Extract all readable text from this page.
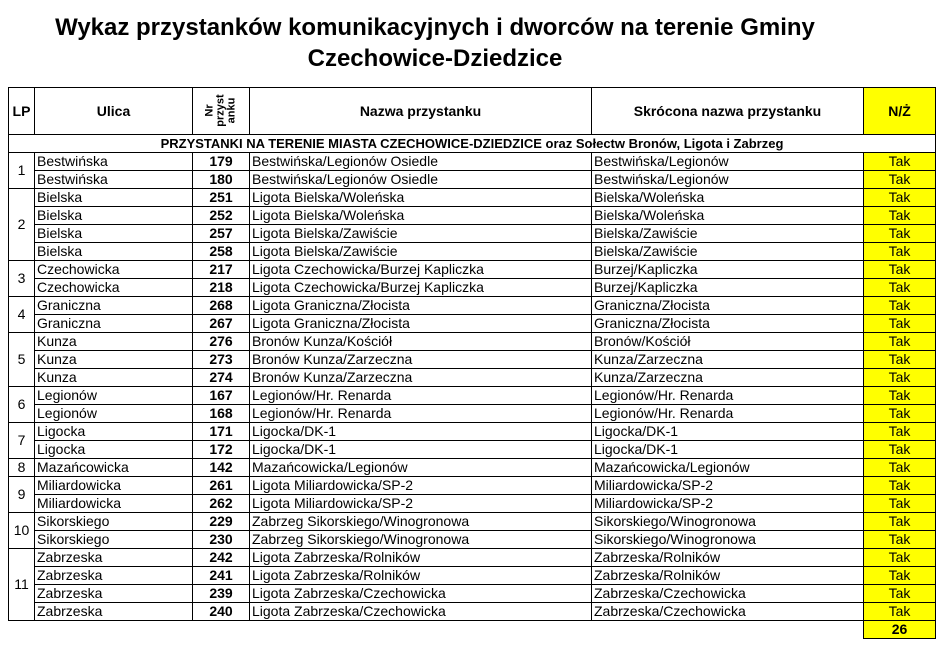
Wykaz przystanków komunikacyjnych i dworców na terenie Gminy
Czechowice-Dziedzice
LP	Ulica	Nr przyst anku	Nazwa przystanku	Skrócona nazwa przystanku	N/Ż
PRZYSTANKI NA TERENIE MIASTA CZECHOWICE-DZIEDZICE oraz Sołectw Bronów, Ligota i Zabrzeg					
1	Bestwińska	179	Bestwińska/Legionów Osiedle	Bestwińska/Legionów	Tak
	Bestwińska	180	Bestwińska/Legionów Osiedle	Bestwińska/Legionów	Tak
2	Bielska	251	Ligota Bielska/Woleńska	Bielska/Woleńska	Tak
	Bielska	252	Ligota Bielska/Woleńska	Bielska/Woleńska	Tak
	Bielska	257	Ligota Bielska/Zawiście	Bielska/Zawiście	Tak
	Bielska	258	Ligota Bielska/Zawiście	Bielska/Zawiście	Tak
3	Czechowicka	217	Ligota Czechowicka/Burzej Kapliczka	Burzej/Kapliczka	Tak
	Czechowicka	218	Ligota Czechowicka/Burzej Kapliczka	Burzej/Kapliczka	Tak
4	Graniczna	268	Ligota Graniczna/Złocista	Graniczna/Złocista	Tak
	Graniczna	267	Ligota Graniczna/Złocista	Graniczna/Złocista	Tak
5	Kunza	276	Bronów Kunza/Kościół	Bronów/Kościół	Tak
	Kunza	273	Bronów Kunza/Zarzeczna	Kunza/Zarzeczna	Tak
	Kunza	274	Bronów Kunza/Zarzeczna	Kunza/Zarzeczna	Tak
6	Legionów	167	Legionów/Hr. Renarda	Legionów/Hr. Renarda	Tak
	Legionów	168	Legionów/Hr. Renarda	Legionów/Hr. Renarda	Tak
7	Ligocka	171	Ligocka/DK-1	Ligocka/DK-1	Tak
	Ligocka	172	Ligocka/DK-1	Ligocka/DK-1	Tak
8	Mazańcowicka	142	Mazańcowicka/Legionów	Mazańcowicka/Legionów	Tak
9	Miliardowicka	261	Ligota Miliardowicka/SP-2	Miliardowicka/SP-2	Tak
	Miliardowicka	262	Ligota Miliardowicka/SP-2	Miliardowicka/SP-2	Tak
10	Sikorskiego	229	Zabrzeg Sikorskiego/Winogronowa	Sikorskiego/Winogronowa	Tak
	Sikorskiego	230	Zabrzeg Sikorskiego/Winogronowa	Sikorskiego/Winogronowa	Tak
11	Zabrzeska	242	Ligota Zabrzeska/Rolników	Zabrzeska/Rolników	Tak
	Zabrzeska	241	Ligota Zabrzeska/Rolników	Zabrzeska/Rolników	Tak
	Zabrzeska	239	Ligota Zabrzeska/Czechowicka	Zabrzeska/Czechowicka	Tak
	Zabrzeska	240	Ligota Zabrzeska/Czechowicka	Zabrzeska/Czechowicka	Tak
					26
